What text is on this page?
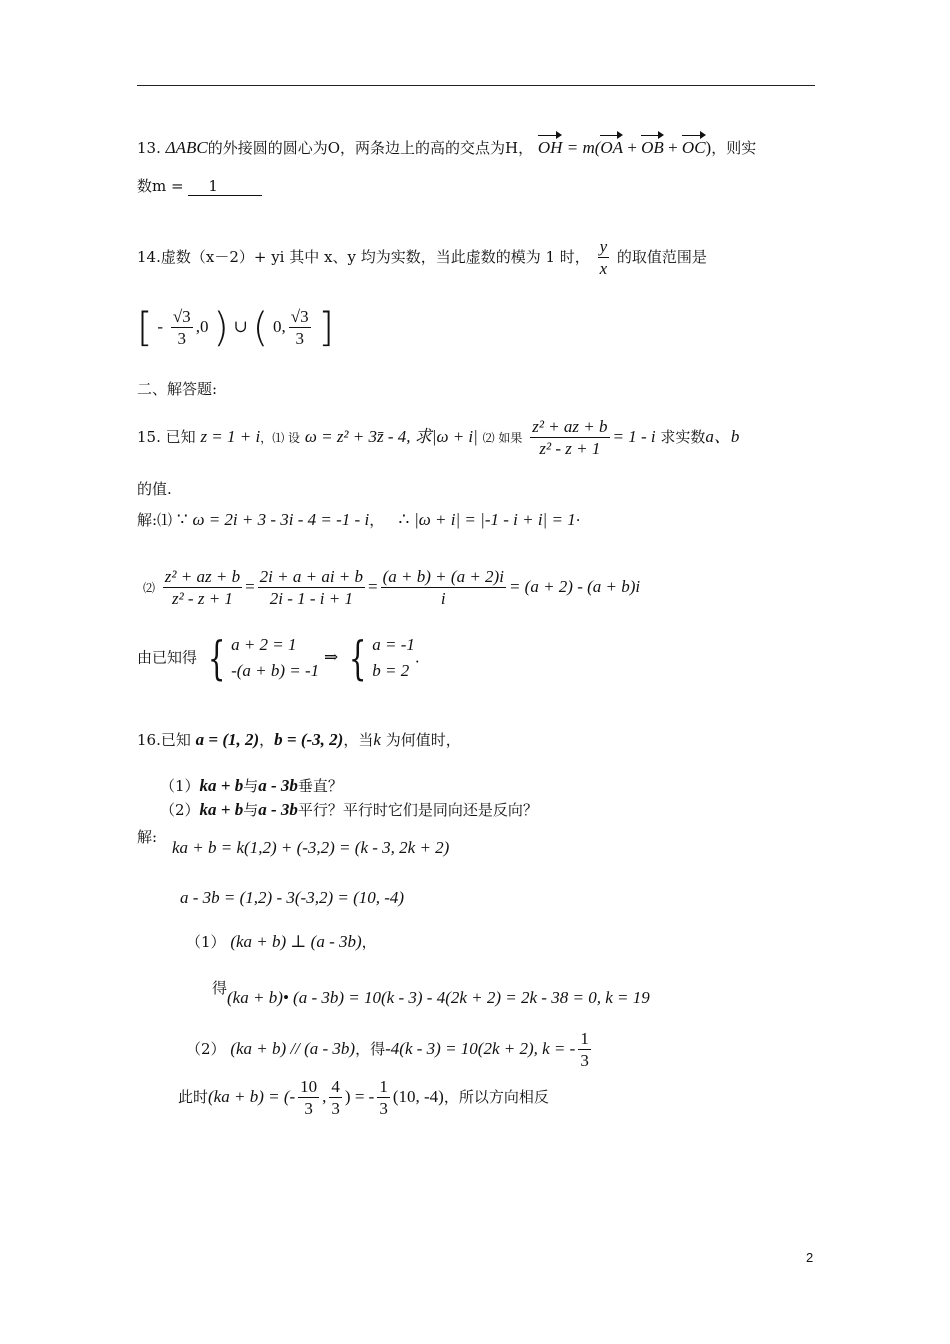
13. ΔABC的外接圆的圆心为O，两条边上的高的交点为H， OH = m(OA + OB + OC)，则实
数m = 1
14.虚数（x－2）+ yi 其中 x、y 均为实数，当此虚数的模为 1 时， $\frac{y}{x}$ 的取值范围是
[ - $\frac{√3}{3} ,0$ ) ∪ ( 0, $\frac{√3}{3}$ ]
二、解答题:
15. 已知 z = 1 + i，⑴ 设 ω = z² + 3z̄ - 4, 求|ω + i| ⑵ 如果 $\frac{\text{z² + az + b}}{\text{z² - z + 1}} = 1 - i$ 求实数a、b
的值.
解:⑴ ∵ ω = 2i + 3 - 3i - 4 = -1 - i， ∴ |ω + i| = |-1 - i + i| = 1·
⑵ $\frac{\text{z² + az + b}}{\text{z² - z + 1}} = \frac{2i + a + ai + b}{2i - 1 - i + 1} = \frac{(a + b) + (a + 2)i}{i} = (a + 2) - (a + b)i$
由已知得 { a + 2 = 1
-(a + b) = -1 ⇒ { a = -1
b = 2.
16.已知 a = (1, 2)，b = (-3, 2)，当k 为何值时，
（1）ka + b与a - 3b垂直？
（2）ka + b与a - 3b平行？平行时它们是同向还是反向？
解:
ka + b = k(1,2) + (-3,2) = (k - 3, 2k + 2)
a - 3b = (1,2) - 3(-3,2) = (10, -4)
（1） (ka + b) ⊥ (a - 3b)，
得(ka + b)• (a - 3b) = 10(k - 3) - 4(2k + 2) = 2k - 38 = 0, k = 19
（2） (ka + b) // (a - 3b)，得-4(k - 3) = 10(2k + 2), k = - $\frac{1}{3}$
此时(ka + b) = (- $\frac{10}{3}$ , $\frac{4}{3}$ ) = - $\frac{1}{3} (10$, -4)，所以方向相反
2
